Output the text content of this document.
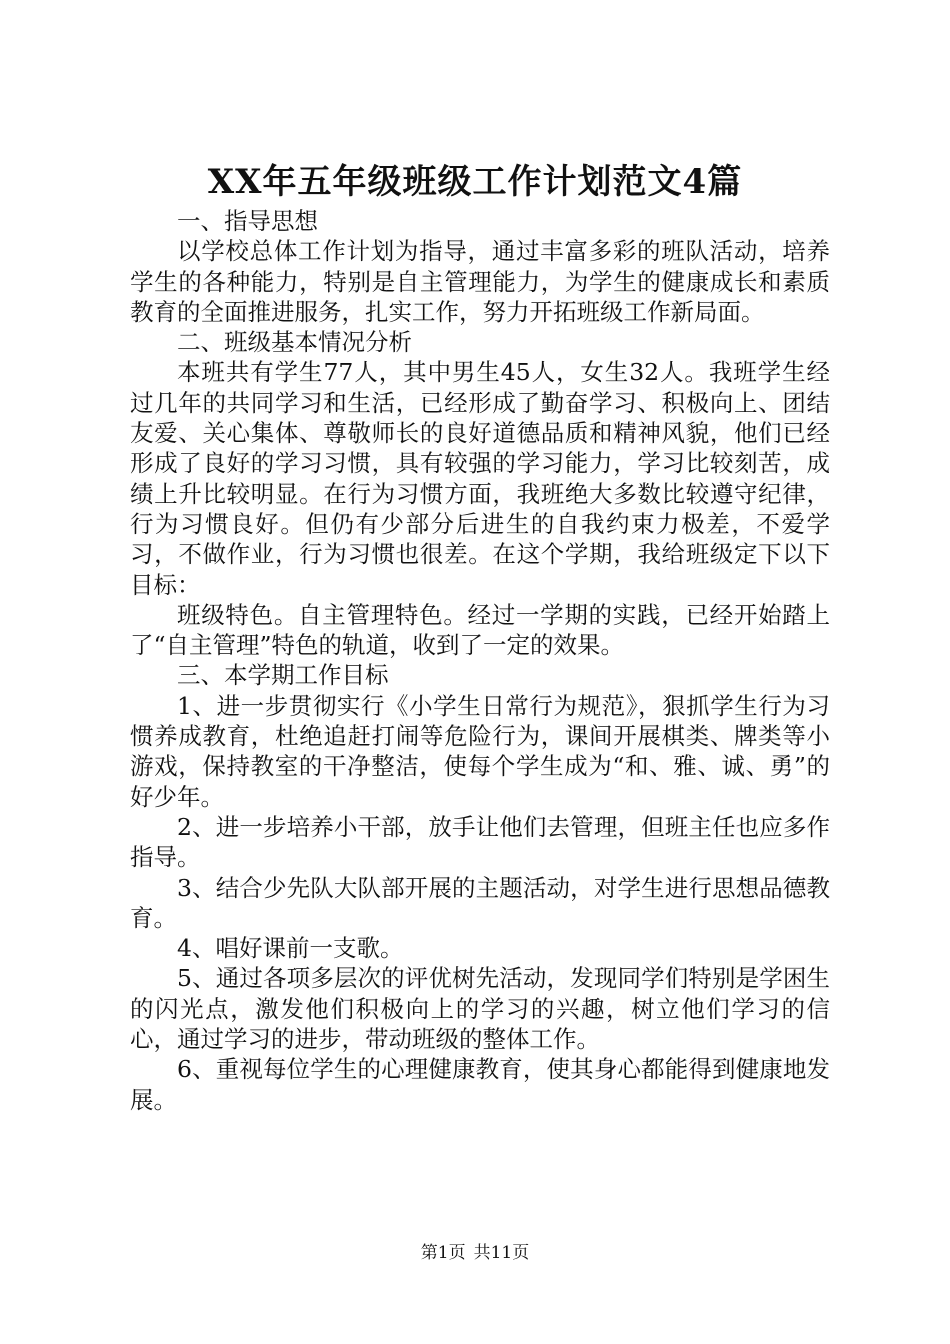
XX年五年级班级工作计划范文4篇

一、指导思想

以学校总体工作计划为指导，通过丰富多彩的班队活动，培养学生的各种能力，特别是自主管理能力，为学生的健康成长和素质教育的全面推进服务，扎实工作，努力开拓班级工作新局面。

二、班级基本情况分析

本班共有学生77人，其中男生45人，女生32人。我班学生经过几年的共同学习和生活，已经形成了勤奋学习、积极向上、团结友爱、关心集体、尊敬师长的良好道德品质和精神风貌，他们已经形成了良好的学习习惯，具有较强的学习能力，学习比较刻苦，成绩上升比较明显。在行为习惯方面，我班绝大多数比较遵守纪律，行为习惯良好。但仍有少部分后进生的自我约束力极差，不爱学习，不做作业，行为习惯也很差。在这个学期，我给班级定下以下目标：

班级特色。自主管理特色。经过一学期的实践，已经开始踏上了“自主管理”特色的轨道，收到了一定的效果。

三、本学期工作目标

1、进一步贯彻实行《小学生日常行为规范》，狠抓学生行为习惯养成教育，杜绝追赶打闹等危险行为，课间开展棋类、牌类等小游戏，保持教室的干净整洁，使每个学生成为“和、雅、诚、勇”的好少年。

2、进一步培养小干部，放手让他们去管理，但班主任也应多作指导。

3、结合少先队大队部开展的主题活动，对学生进行思想品德教育。

4、唱好课前一支歌。

5、通过各项多层次的评优树先活动，发现同学们特别是学困生的闪光点，激发他们积极向上的学习的兴趣，树立他们学习的信心，通过学习的进步，带动班级的整体工作。

6、重视每位学生的心理健康教育，使其身心都能得到健康地发展。

第1页 共11页
